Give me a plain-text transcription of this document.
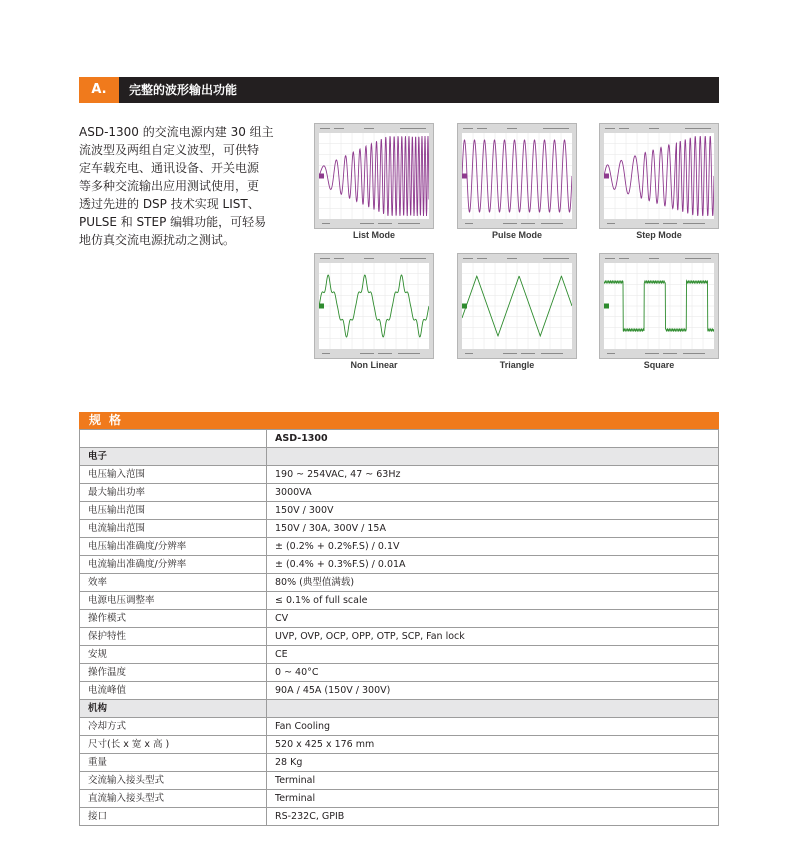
A.	完整的波形输出功能

ASD-1300 的交流电源内建 30 组主
流波型及两组自定义波型，可供特
定车载充电、通讯设备、开关电源
等多种交流输出应用测试使用，更
透过先进的 DSP 技术实现 LIST、
PULSE 和 STEP 编辑功能，可轻易
地仿真交流电源扰动之测试。	List Mode	Pulse Mode	Step Mode
Non Linear	Triangle	Square
规格
	ASD-1300
电子	
电压输入范围	190 ~ 254VAC, 47 ~ 63Hz
最大输出功率	3000VA
电压输出范围	150V / 300V
电流输出范围	150V / 30A, 300V / 15A
电压输出准确度/分辨率	± (0.2% + 0.2%F.S) / 0.1V
电流输出准确度/分辨率	± (0.4% + 0.3%F.S) / 0.01A
效率	80% (典型值满载)
电源电压调整率	≤ 0.1% of full scale
操作模式	CV
保护特性	UVP, OVP, OCP, OPP, OTP, SCP, Fan lock
安规	CE
操作温度	0 ~ 40°C
电流峰值	90A / 45A (150V / 300V)
机构	
冷却方式	Fan Cooling
尺寸(长 x 宽 x 高 )	520 x 425 x 176 mm
重量	28 Kg
交流输入接头型式	Terminal
直流输入接头型式	Terminal
接口	RS-232C, GPIB
